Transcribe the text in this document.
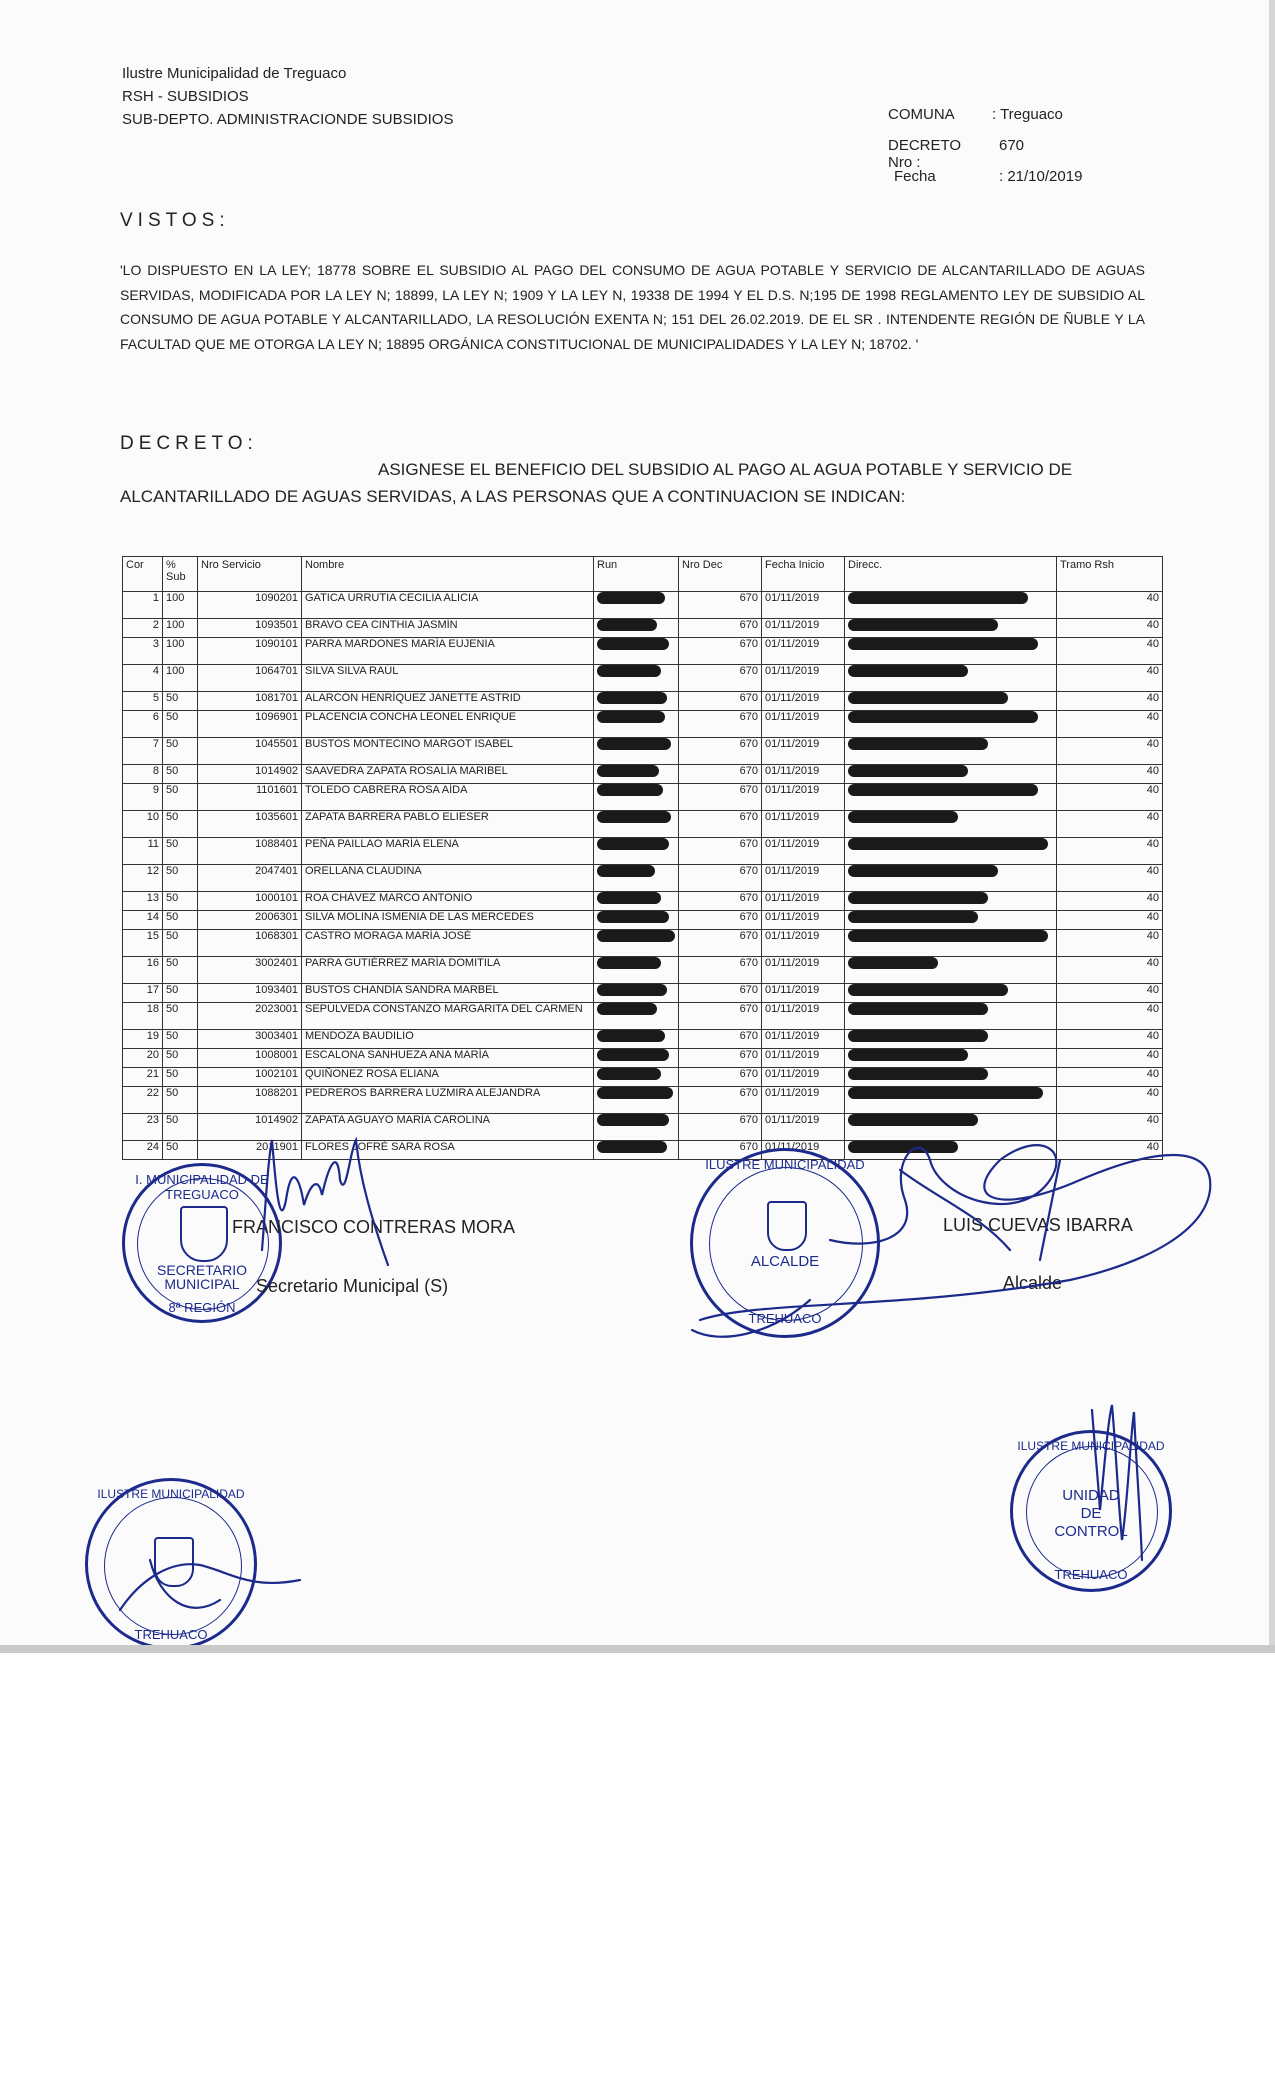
Ilustre Municipalidad de Treguaco
RSH - SUBSIDIOS
SUB-DEPTO. ADMINISTRACIONDE SUBSIDIOS	COMUNA : Treguaco
DECRETO Nro :
670
Fecha	: 21/10/2019
VISTOS:
'LO DISPUESTO EN LA LEY; 18778 SOBRE EL SUBSIDIO AL PAGO DEL CONSUMO DE AGUA POTABLE Y SERVICIO DE ALCANTARILLADO DE AGUAS SERVIDAS, MODIFICADA POR LA LEY N; 18899, LA LEY N; 1909 Y LA LEY N, 19338 DE 1994 Y EL D.S. N;195 DE 1998 REGLAMENTO LEY DE SUBSIDIO AL CONSUMO DE AGUA POTABLE Y ALCANTARILLADO, LA RESOLUCIÓN EXENTA N; 151 DEL 26.02.2019. DE EL SR . INTENDENTE REGIÓN DE ÑUBLE Y LA FACULTAD QUE ME OTORGA LA LEY N; 18895 ORGÁNICA CONSTITUCIONAL DE MUNICIPALIDADES Y LA LEY N; 18702. '
DECRETO:
ASIGNESE EL BENEFICIO DEL SUBSIDIO AL PAGO AL AGUA POTABLE Y SERVICIO DE ALCANTARILLADO DE AGUAS SERVIDAS, A LAS PERSONAS QUE A CONTINUACION SE INDICAN:
Cor	% Sub	Nro Servicio	Nombre	Run	Nro Dec	Fecha Inicio	Direcc.	Tramo Rsh
1	100	1090201	GATICA URRUTIA CECILIA ALICIA		670	01/11/2019		40
2	100	1093501	BRAVO CEA CINTHIA JASMÍN		670	01/11/2019		40
3	100	1090101	PARRA MARDONES MARÍA EUJENIA		670	01/11/2019		40
4	100	1064701	SILVA SILVA RAÚL		670	01/11/2019		40
5	50	1081701	ALARCÓN HENRÍQUEZ JANETTE ASTRID		670	01/11/2019		40
6	50	1096901	PLACENCIA CONCHA LEONEL ENRIQUE		670	01/11/2019		40
7	50	1045501	BUSTOS MONTECINO MARGOT ISABEL		670	01/11/2019		40
8	50	1014902	SAAVEDRA ZAPATA ROSALÍA MARIBEL		670	01/11/2019		40
9	50	1101601	TOLEDO CABRERA ROSA AÍDA		670	01/11/2019		40
10	50	1035601	ZAPATA BARRERA PABLO ELIESER		670	01/11/2019		40
11	50	1088401	PEÑA PAILLAO MARÍA ELENA		670	01/11/2019		40
12	50	2047401	ORELLANA CLAUDINA		670	01/11/2019		40
13	50	1000101	ROA CHÁVEZ MARCO ANTONIO		670	01/11/2019		40
14	50	2006301	SILVA MOLINA ISMENIA DE LAS MERCEDES		670	01/11/2019		40
15	50	1068301	CASTRO MORAGA MARÍA JOSÉ		670	01/11/2019		40
16	50	3002401	PARRA GUTIÉRREZ MARÍA DOMITILA		670	01/11/2019		40
17	50	1093401	BUSTOS CHANDÍA SANDRA MARBEL		670	01/11/2019		40
18	50	2023001	SEPÚLVEDA CONSTANZO MARGARITA DEL CARMEN		670	01/11/2019		40
19	50	3003401	MENDOZA BAUDILIO		670	01/11/2019		40
20	50	1008001	ESCALONA SANHUEZA ANA MARÍA		670	01/11/2019		40
21	50	1002101	QUIÑONEZ ROSA ELIANA		670	01/11/2019		40
22	50	1088201	PEDREROS BARRERA LUZMIRA ALEJANDRA		670	01/11/2019		40
23	50	1014902	ZAPATA AGUAYO MARÍA CAROLINA		670	01/11/2019		40
24	50	2011901	FLORES JOFRÉ SARA ROSA		670	01/11/2019		40
I. MUNICIPALIDAD DE TREGUACO
SECRETARIO MUNICIPAL
8ª REGIÓN
FRANCISCO CONTRERAS MORA
Secretario Municipal (S)
ILUSTRE MUNICIPALIDAD
ALCALDE
TREHUACO
LUIS CUEVAS IBARRA
Alcalde
ILUSTRE MUNICIPALIDAD
UNIDAD
DE
CONTROL
TREHUACO
ILUSTRE MUNICIPALIDAD
TREHUACO
